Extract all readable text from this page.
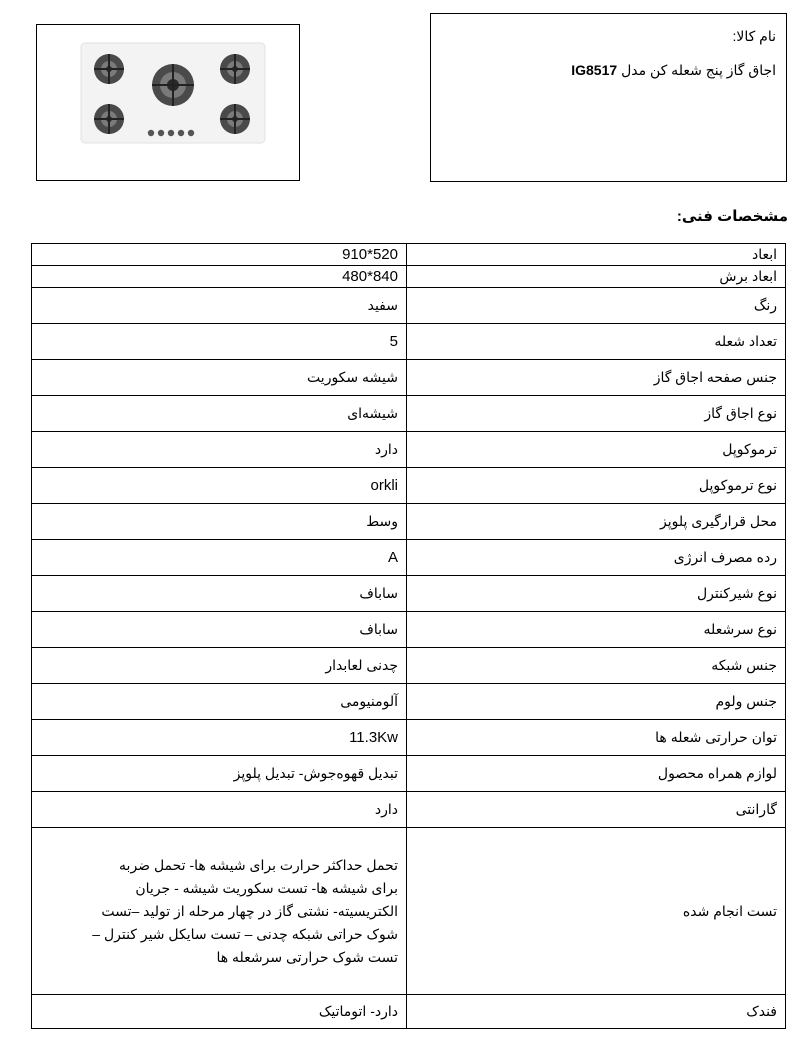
نام کالا:
اجاق گاز پنج شعله کن مدل IG8517
مشخصات فنی:
910*520	ابعاد
480*840	ابعاد برش
سفید	رنگ
5	تعداد شعله
شیشه سکوریت	جنس صفحه اجاق گاز
شیشه‌ای	نوع اجاق گاز
دارد	ترموکوپل
orkli	نوع ترموکوپل
وسط	محل قرارگیری پلوپز
A	رده مصرف انرژی
ساباف	نوع شیرکنترل
ساباف	نوع سرشعله
چدنی لعابدار	جنس شبکه
آلومنیومی	جنس ولوم
11.3Kw	توان حرارتی شعله ها
تبدیل قهوه‌جوش- تبدیل پلوپز	لوازم همراه محصول
دارد	گارانتی

تحمل حداکثر حرارت برای شیشه ها- تحمل ضربه
برای شیشه ها- تست سکوریت شیشه - جریان
الکتریسیته- نشتی گاز در چهار مرحله از تولید –تست
شوک حراتی شبکه چدنی – تست سایکل شیر کنترل –
تست شوک حرارتی سرشعله ها	تست انجام شده
دارد- اتوماتیک	فندک
